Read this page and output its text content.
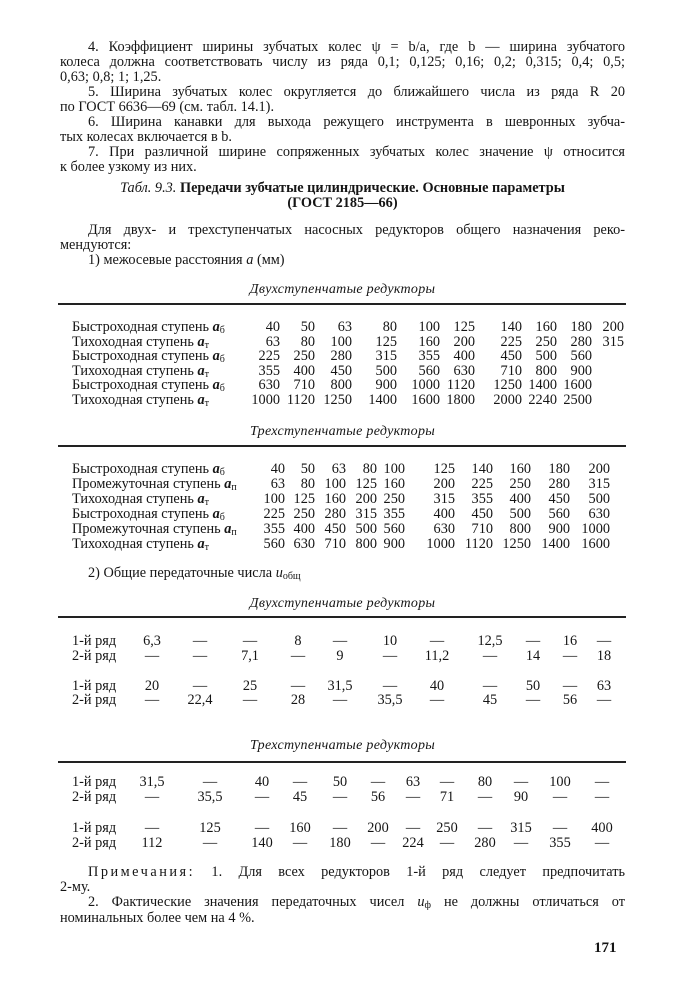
4. Коэффициент ширины зубчатых колес ψ = b/a, где b — ширина зубчатого
колеса должна соответствовать числу из ряда 0,1; 0,125; 0,16; 0,2; 0,315; 0,4; 0,5;
0,63; 0,8; 1; 1,25.
5. Ширина зубчатых колес округляется до ближайшего числа из ряда R 20
по ГОСТ 6636—69 (см. табл. 14.1).
6. Ширина канавки для выхода режущего инструмента в шевронных зубча-
тых колесах включается в b.
7. При различной ширине сопряженных зубчатых колес значение ψ относится
к более узкому из них.
Табл. 9.3. Передачи зубчатые цилиндрические. Основные параметры
(ГОСТ 2185—66)
Для двух- и трехступенчатых насосных редукторов общего назначения реко-
мендуются:
1) межосевые расстояния a (мм)
Двухступенчатые редукторы
Быстроходная ступень $a_б$	40 50 63 80 100 125 140 160 180 200
Тихоходная ступень $a_т$	63 80 100 125 160 200 225 250 280 315
Быстроходная ступень $a_б$ 225 250 280 315 355 400 450 500 560
Тихоходная ступень $a_т$	355 400 450 500 560 630 710 800 900
Быстроходная ступень $a_б$ 630 710 800 900 1000 1120 1250 1400 1600
Тихоходная ступень $a_т$	1000 1120 1250 1400 1600 1800 2000 2240 2500
Трехступенчатые редукторы
Быстроходная ступень $a_б$	40 50 63 80 100 125 140 160 180 200
Промежуточная ступень $a_п$ 63 80 100 125 160 200 225 250 280 315
Тихоходная ступень $a_т$	100 125 160 200 250 315 355 400 450 500
Быстроходная ступень $a_б$	225 250 280 315 355 400 450 500 560 630
Промежуточная ступень $a_п$ 355 400 450 500 560 630 710 800 900 1000
Тихоходная ступень $a_т$	560 630 710 800 900 1000 1120 1250 1400 1600
2) Общие передаточные числа $u_{общ}$
Двухступенчатые редукторы
1-й ряд 6,3 — —	8 — 10 — 12,5 — 16 —
2-й ряд — — 7,1 — 9	— 11,2 — 14 — 18
1-й ряд 20 — 25 — 31,5 — 40	— 50 — 63
2-й ряд — 22,4 — 28 — 35,5 —	45 — 56 —
Трехступенчатые редукторы
1-й ряд 31,5	—	40 — 50 — 63 — 80 — 100 —
2-й ряд —	35,5 — 45 — 56 — 71 — 90 — —
1-й ряд —	125 — 160 — 200 — 250 — 315 — 400
2-й ряд 112	— 140 — 180 — 224 — 280 — 355 —
Примечания: 1. Для всех редукторов 1-й ряд следует предпочитать
2-му.
2. Фактические значения передаточных чисел $u_ф$ не должны отличаться от
номинальных более чем на 4 %.
171
